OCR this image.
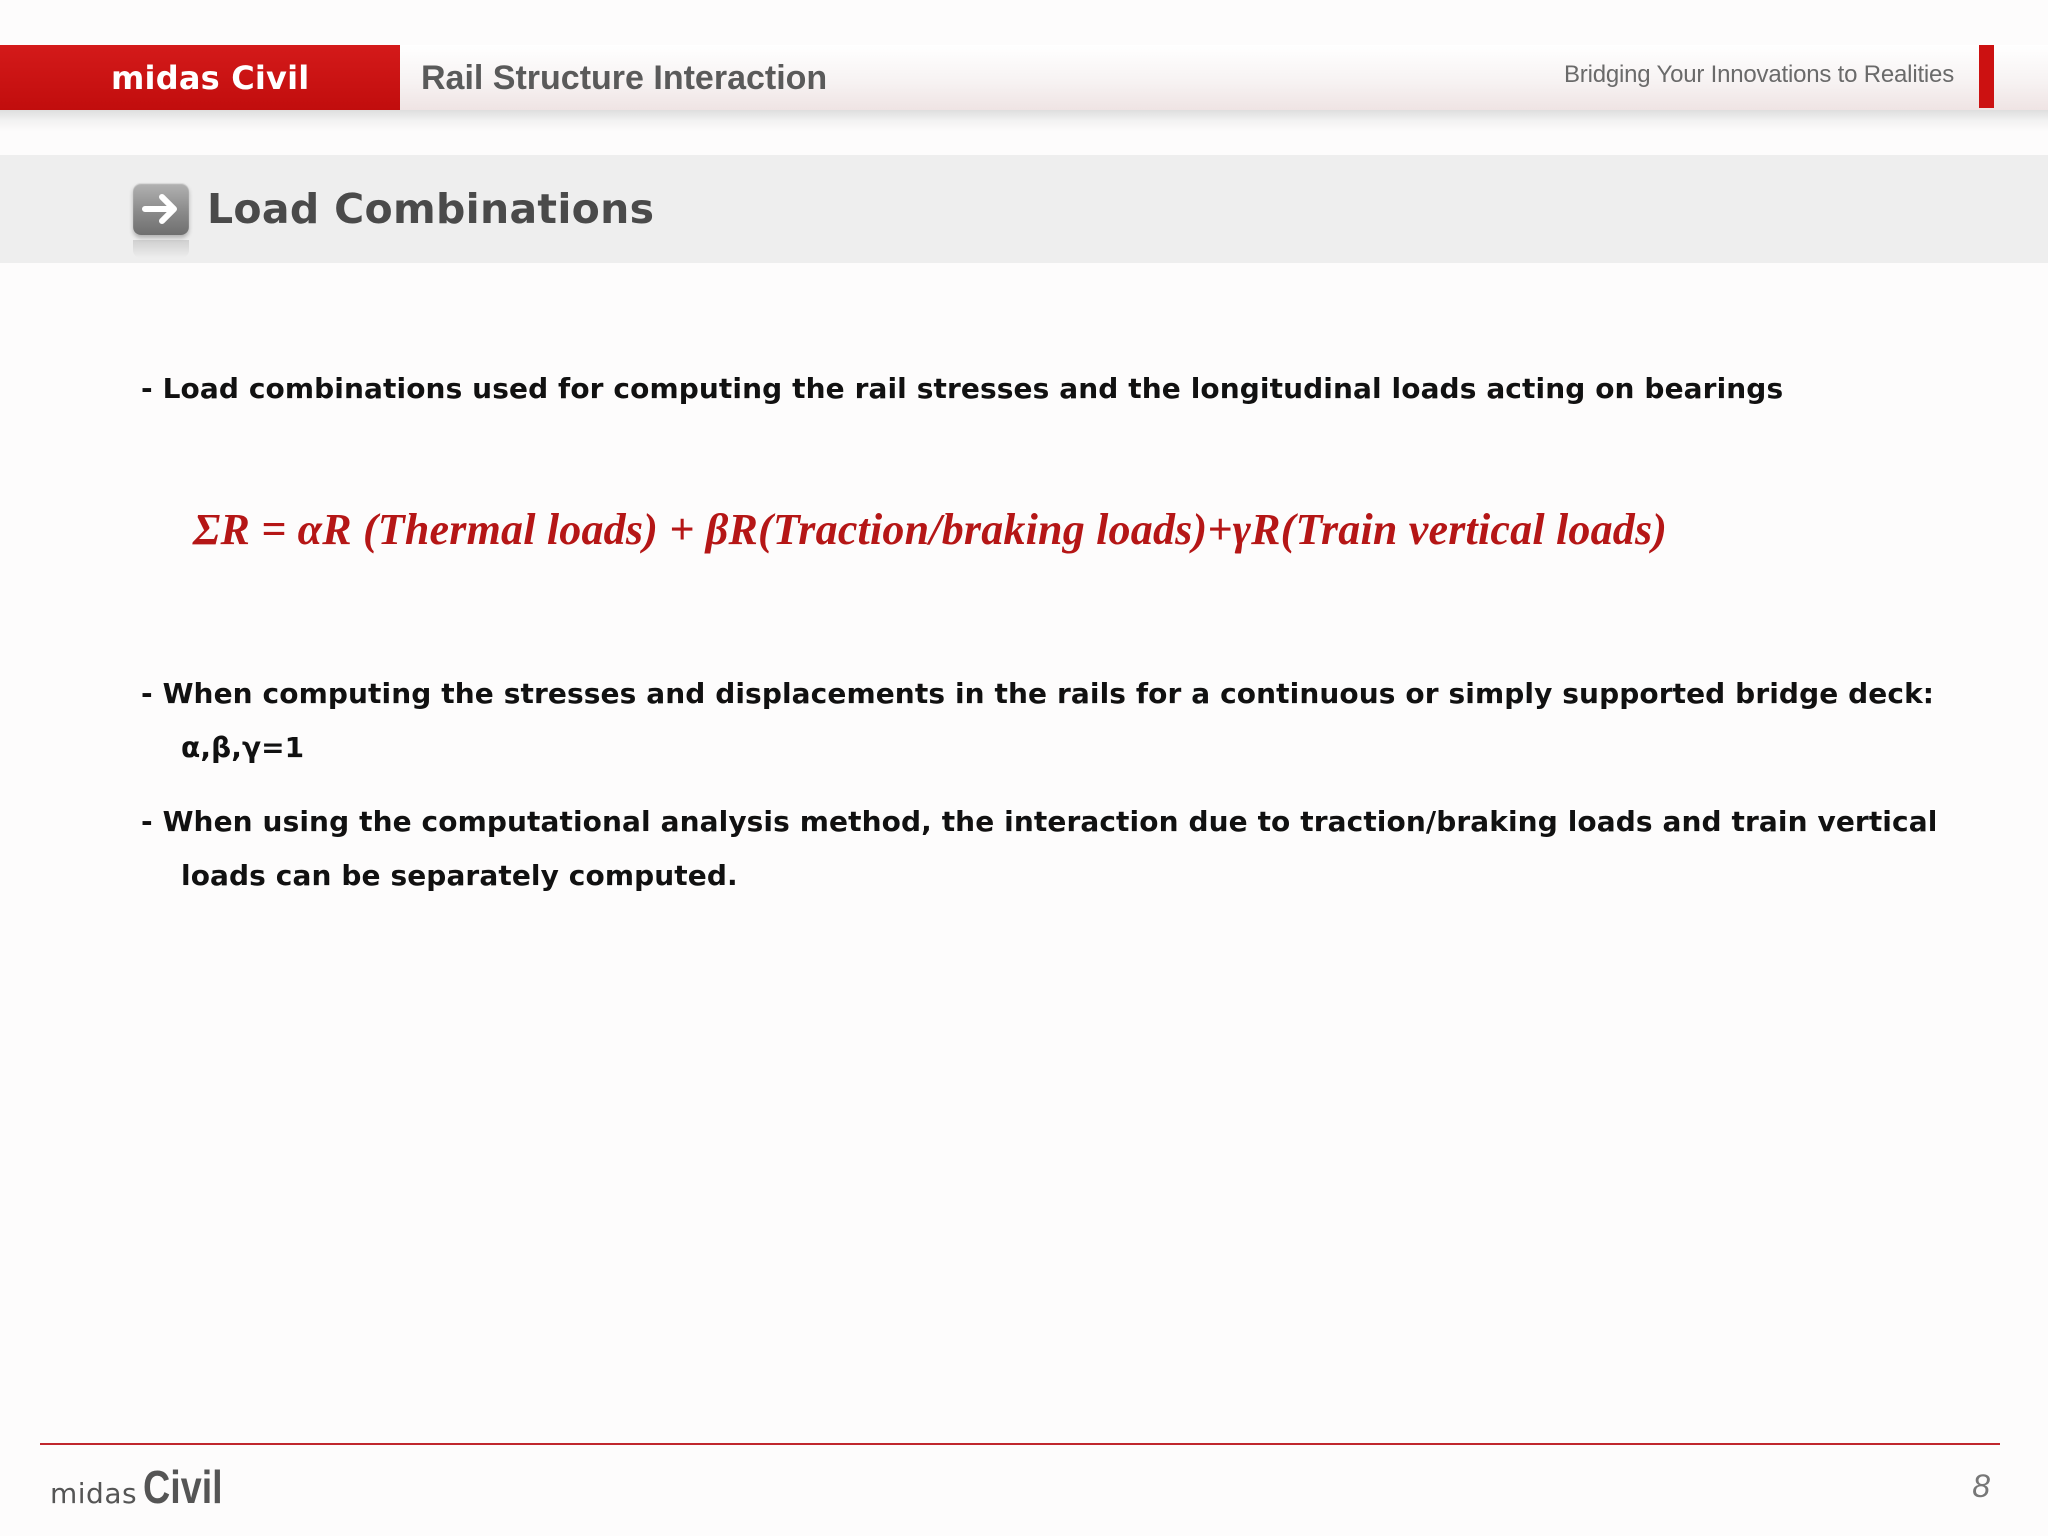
midas Civil	Rail Structure Interaction	Bridging Your Innovations to Realities
Load Combinations
- Load combinations used for computing the rail stresses and the longitudinal loads acting on bearings
ΣR = αR (Thermal loads) + βR(Traction/braking loads)+γR(Train vertical loads)
- When computing the stresses and displacements in the rails for a continuous or simply supported bridge deck:
α,β,γ=1
- When using the computational analysis method, the interaction due to traction/braking loads and train vertical
loads can be separately computed.
midas Civil	8
